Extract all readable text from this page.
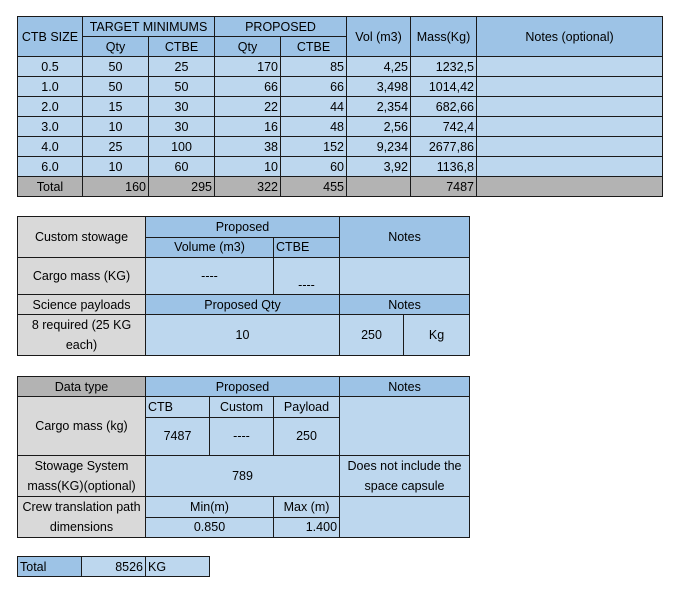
CTB SIZE	TARGET MINIMUMS		PROPOSED		Vol (m3)	Mass(Kg)	Notes (optional)
	Qty	CTBE	Qty	CTBE			
0.5	50	25	170	85	4,25	1232,5	
1.0	50	50	66	66	3,498	1014,42	
2.0	15	30	22	44	2,354	682,66	
3.0	10	30	16	48	2,56	742,4	
4.0	25	100	38	152	9,234	2677,86	
6.0	10	60	10	60	3,92	1136,8	
Total	160	295	322	455		7487	
Custom stowage	Proposed		Notes	
	Volume (m3)	CTBE		
Cargo mass (KG)	----	----		
Science payloads	Proposed Qty		Notes	
8 required (25 KG each)	10		250	Kg
Data type	Proposed			Notes
Cargo mass (kg)	CTB	Custom	Payload	
	7487	----	250	
Stowage System mass(KG)(optional)	789			Does not include the space capsule
Crew translation path dimensions	Min(m)		Max (m)	
	0.850		1.400	
Total	8526	KG
